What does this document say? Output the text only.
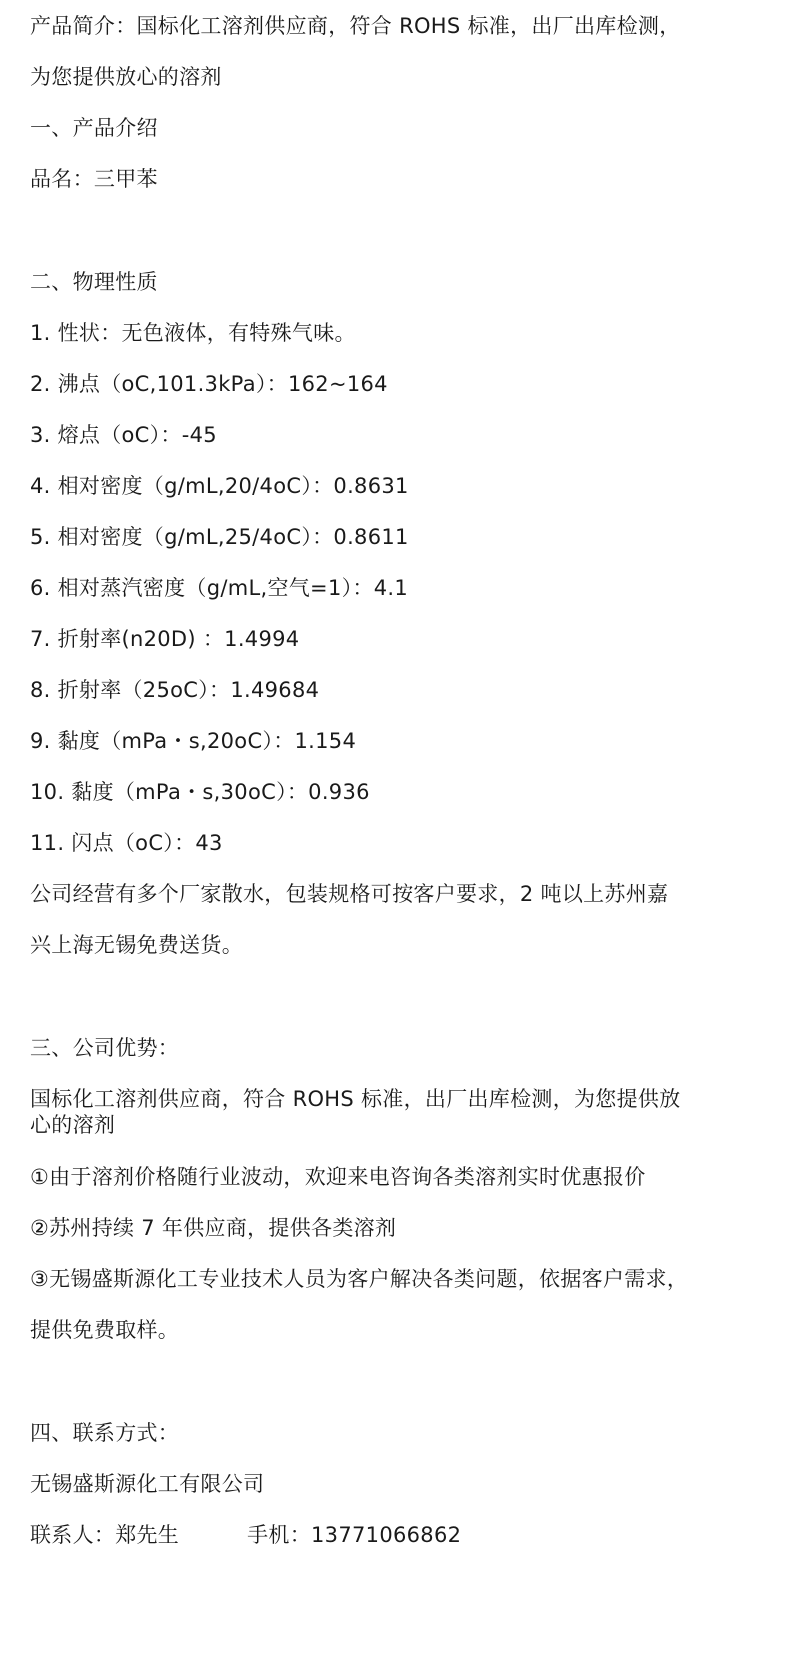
产品简介：国标化工溶剂供应商，符合 ROHS 标准，出厂出库检测，
为您提供放心的溶剂
一、产品介绍
品名：三甲苯
二、物理性质
1. 性状：无色液体，有特殊气味。
2. 沸点（oC,101.3kPa）：162~164
3. 熔点（oC）：-45
4. 相对密度（g/mL,20/4oC）：0.8631
5. 相对密度（g/mL,25/4oC）：0.8611
6. 相对蒸汽密度（g/mL,空气=1）：4.1
7. 折射率(n20D) ：1.4994
8. 折射率（25oC）：1.49684
9. 黏度（mPa・s,20oC）：1.154
10. 黏度（mPa・s,30oC）：0.936
11. 闪点（oC）：43
公司经营有多个厂家散水，包装规格可按客户要求，2 吨以上苏州嘉
兴上海无锡免费送货。
三、公司优势：
国标化工溶剂供应商，符合 ROHS 标准，出厂出库检测，为您提供放
心的溶剂
①由于溶剂价格随行业波动，欢迎来电咨询各类溶剂实时优惠报价
②苏州持续 7 年供应商，提供各类溶剂
③无锡盛斯源化工专业技术人员为客户解决各类问题，依据客户需求，
提供免费取样。
四、联系方式：
无锡盛斯源化工有限公司
联系人：郑先生	手机：13771066862
